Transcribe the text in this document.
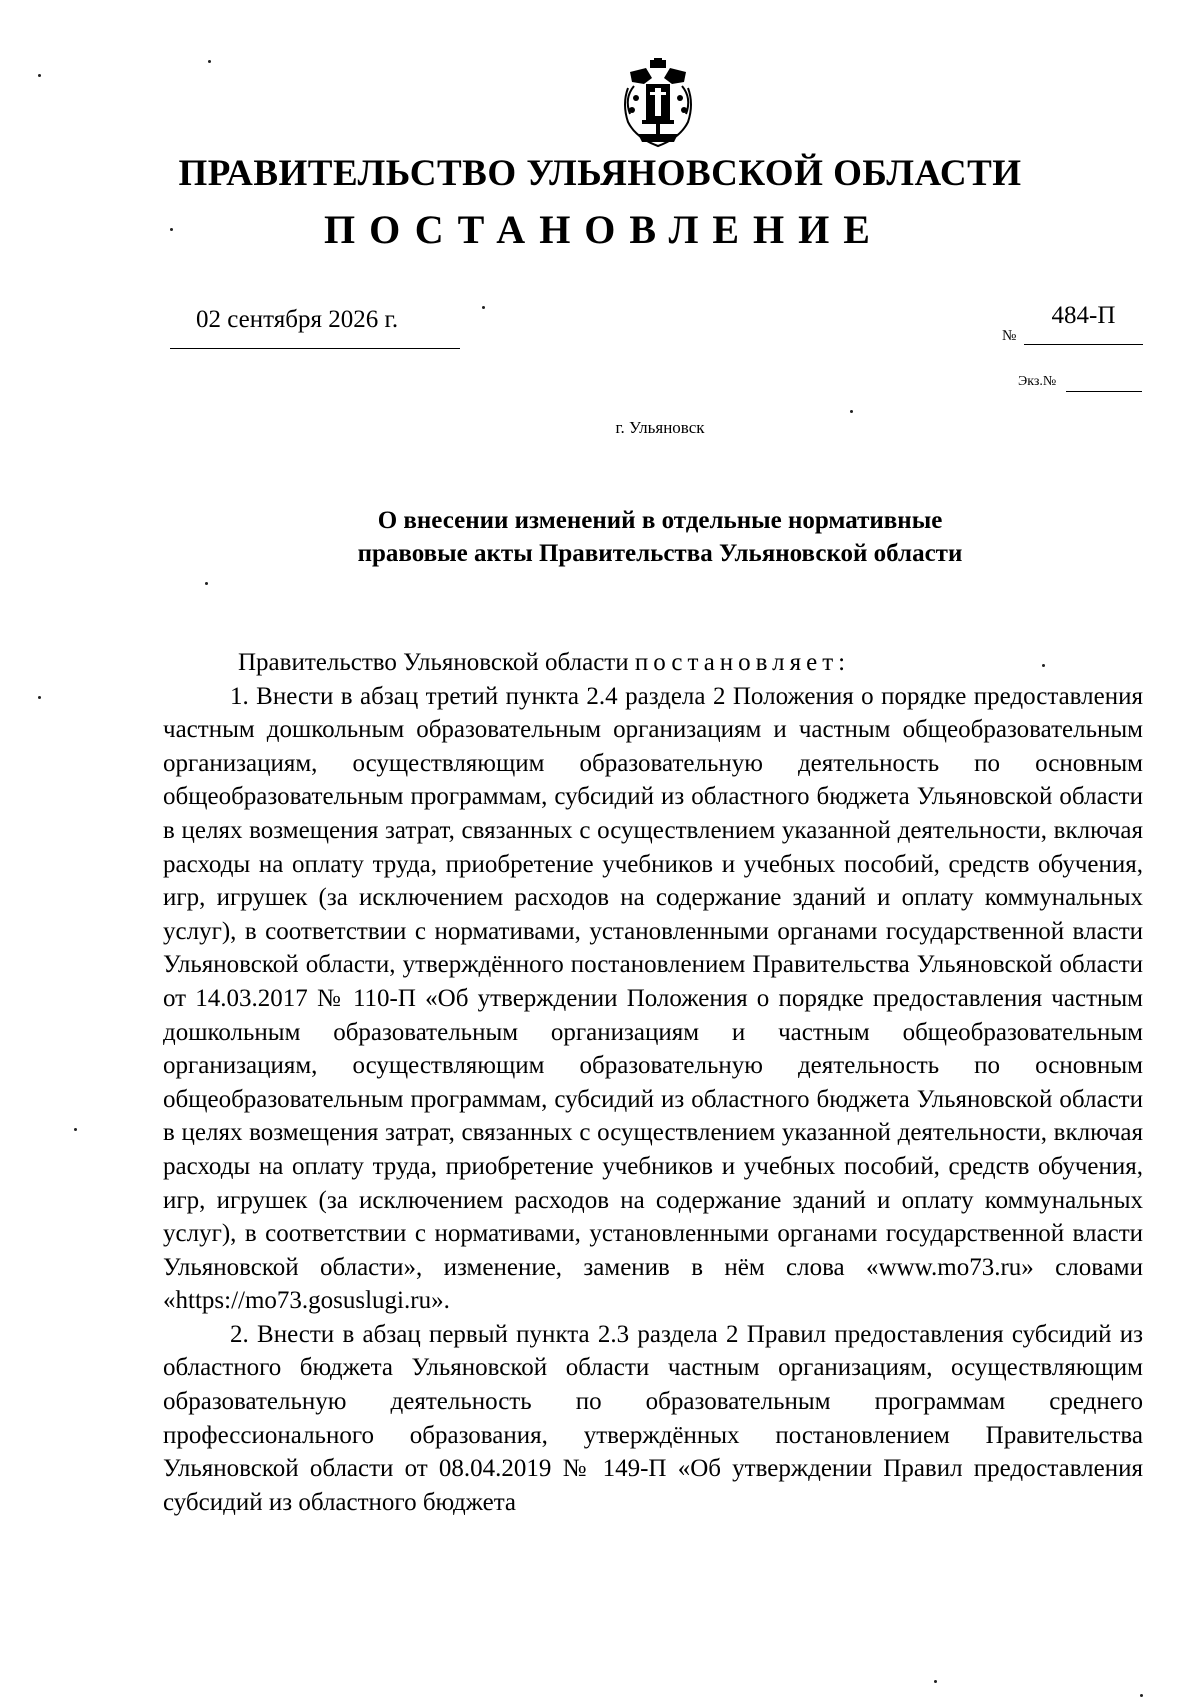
ПРАВИТЕЛЬСТВО УЛЬЯНОВСКОЙ ОБЛАСТИ
ПОСТАНОВЛЕНИЕ
02 сентября 2026 г.
№
484-П
Экз.№
г. Ульяновск
О внесении изменений в отдельные нормативные
правовые акты Правительства Ульяновской области

Правительство Ульяновской области постановляет:

1. Внести в абзац третий пункта 2.4 раздела 2 Положения о порядке предоставления частным дошкольным образовательным организациям и частным общеобразовательным организациям, осуществляющим образовательную деятельность по основным общеобразовательным программам, субсидий из областного бюджета Ульяновской области в целях возмещения затрат, связанных с осуществлением указанной деятельности, включая расходы на оплату труда, приобретение учебников и учебных пособий, средств обучения, игр, игрушек (за исключением расходов на содержание зданий и оплату коммунальных услуг), в соответствии с нормативами, установленными органами государственной власти Ульяновской области, утверждённого постановлением Правительства Ульяновской области от 14.03.2017 № 110-П «Об утверждении Положения о порядке предоставления частным дошкольным образовательным организациям и частным общеобразовательным организациям, осуществляющим образовательную деятельность по основным общеобразовательным программам, субсидий из областного бюджета Ульяновской области в целях возмещения затрат, связанных с осуществлением указанной деятельности, включая расходы на оплату труда, приобретение учебников и учебных пособий, средств обучения, игр, игрушек (за исключением расходов на содержание зданий и оплату коммунальных услуг), в соответствии с нормативами, установленными органами государственной власти Ульяновской области», изменение, заменив в нём слова «www.mo73.ru» словами «https://mo73.gosuslugi.ru».

2. Внести в абзац первый пункта 2.3 раздела 2 Правил предоставления субсидий из областного бюджета Ульяновской области частным организациям, осуществляющим образовательную деятельность по образовательным программам среднего профессионального образования, утверждённых постановлением Правительства Ульяновской области от 08.04.2019 № 149-П «Об утверждении Правил предоставления субсидий из областного бюджета
